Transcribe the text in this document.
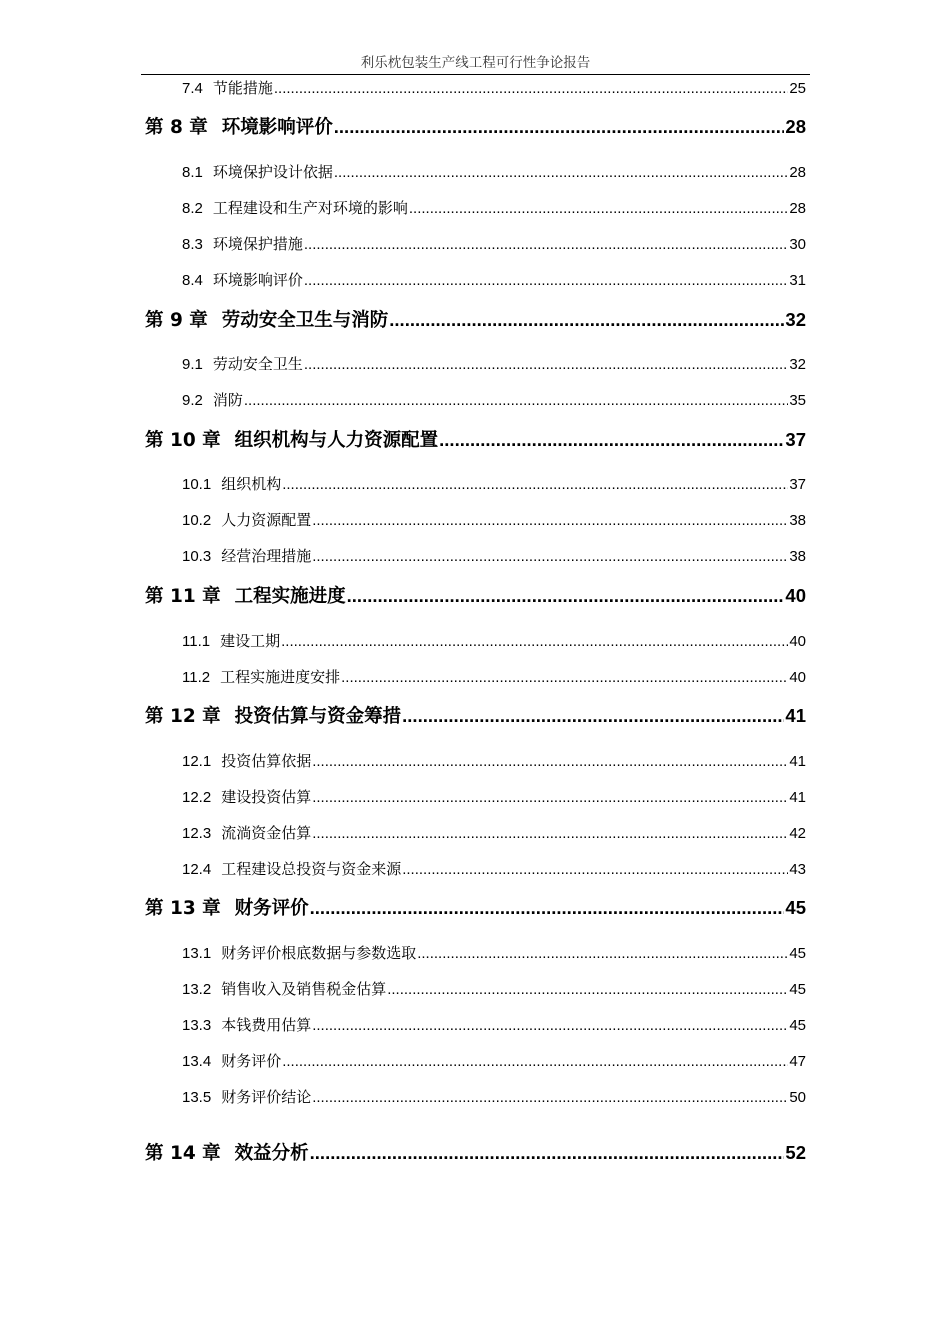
利乐枕包装生产线工程可行性争论报告
7.4 节能措施 .....	25
第 8 章 环境影响评价 .....	28
8.1 环境保护设计依据 .....	28
8.2 工程建设和生产对环境的影响 .....	28
8.3 环境保护措施 .....	30
8.4 环境影响评价 .....	31
第 9 章 劳动安全卫生与消防 .....	32
9.1 劳动安全卫生 .....	32
9.2 消防 .....	35
第 10 章 组织机构与人力资源配置 .....	37
10.1 组织机构 .....	37
10.2 人力资源配置 .....	38
10.3 经营治理措施 .....	38
第 11 章 工程实施进度 .....	40
11.1 建设工期 .....	40
11.2 工程实施进度安排 .....	40
第 12 章 投资估算与资金筹措 .....	41
12.1 投资估算依据 .....	41
12.2 建设投资估算 .....	41
12.3 流淌资金估算 .....	42
12.4 工程建设总投资与资金来源 .....	43
第 13 章 财务评价 .....	45
13.1 财务评价根底数据与参数选取 .....	45
13.2 销售收入及销售税金估算 .....	45
13.3 本钱费用估算 .....	45
13.4 财务评价 .....	47
13.5 财务评价结论 .....	50
第 14 章 效益分析 .....	52
